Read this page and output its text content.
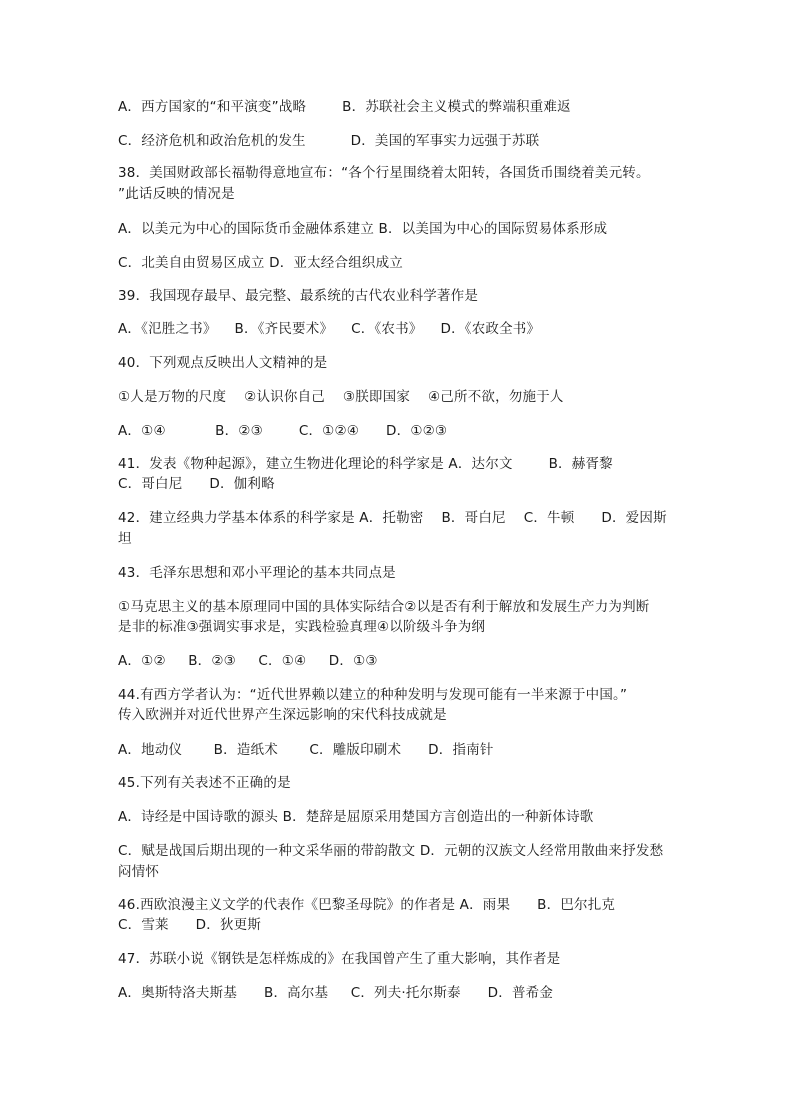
A．西方国家的“和平演变”战略        B．苏联社会主义模式的弊端积重难返
C．经济危机和政治危机的发生          D．美国的军事实力远强于苏联
38．美国财政部长福勒得意地宣布：“各个行星围绕着太阳转，各国货币围绕着美元转。
”此话反映的情况是
A．以美元为中心的国际货币金融体系建立 B．以美国为中心的国际贸易体系形成
C．北美自由贸易区成立 D．亚太经合组织成立
39．我国现存最早、最完整、最系统的古代农业科学著作是
A．《氾胜之书》    B．《齐民要术》    C．《农书》    D．《农政全书》
40．下列观点反映出人文精神的是
①人是万物的尺度    ②认识你自己    ③朕即国家    ④己所不欲，勿施于人
A．①④           B．②③        C．①②④      D．①②③
41．发表《物种起源》，建立生物进化理论的科学家是 A．达尔文        B．赫胥黎
C．哥白尼      D．伽利略
42．建立经典力学基本体系的科学家是 A．托勒密    B．哥白尼    C．牛顿      D．爱因斯
坦
43．毛泽东思想和邓小平理论的基本共同点是
①马克思主义的基本原理同中国的具体实际结合②以是否有利于解放和发展生产力为判断
是非的标准③强调实事求是，实践检验真理④以阶级斗争为纲
A．①②     B．②③     C．①④     D．①③
44.有西方学者认为：“近代世界赖以建立的种种发明与发现可能有一半来源于中国。”
传入欧洲并对近代世界产生深远影响的宋代科技成就是
A．地动仪       B．造纸术       C．雕版印刷术      D．指南针
45.下列有关表述不正确的是
A．诗经是中国诗歌的源头 B．楚辞是屈原采用楚国方言创造出的一种新体诗歌
C．赋是战国后期出现的一种文采华丽的带韵散文 D．元朝的汉族文人经常用散曲来抒发愁
闷情怀
46.西欧浪漫主义文学的代表作《巴黎圣母院》的作者是 A．雨果      B．巴尔扎克
C．雪莱      D．狄更斯
47．苏联小说《钢铁是怎样炼成的》在我国曾产生了重大影响，其作者是
A．奥斯特洛夫斯基      B．高尔基     C．列夫·托尔斯泰      D．普希金
